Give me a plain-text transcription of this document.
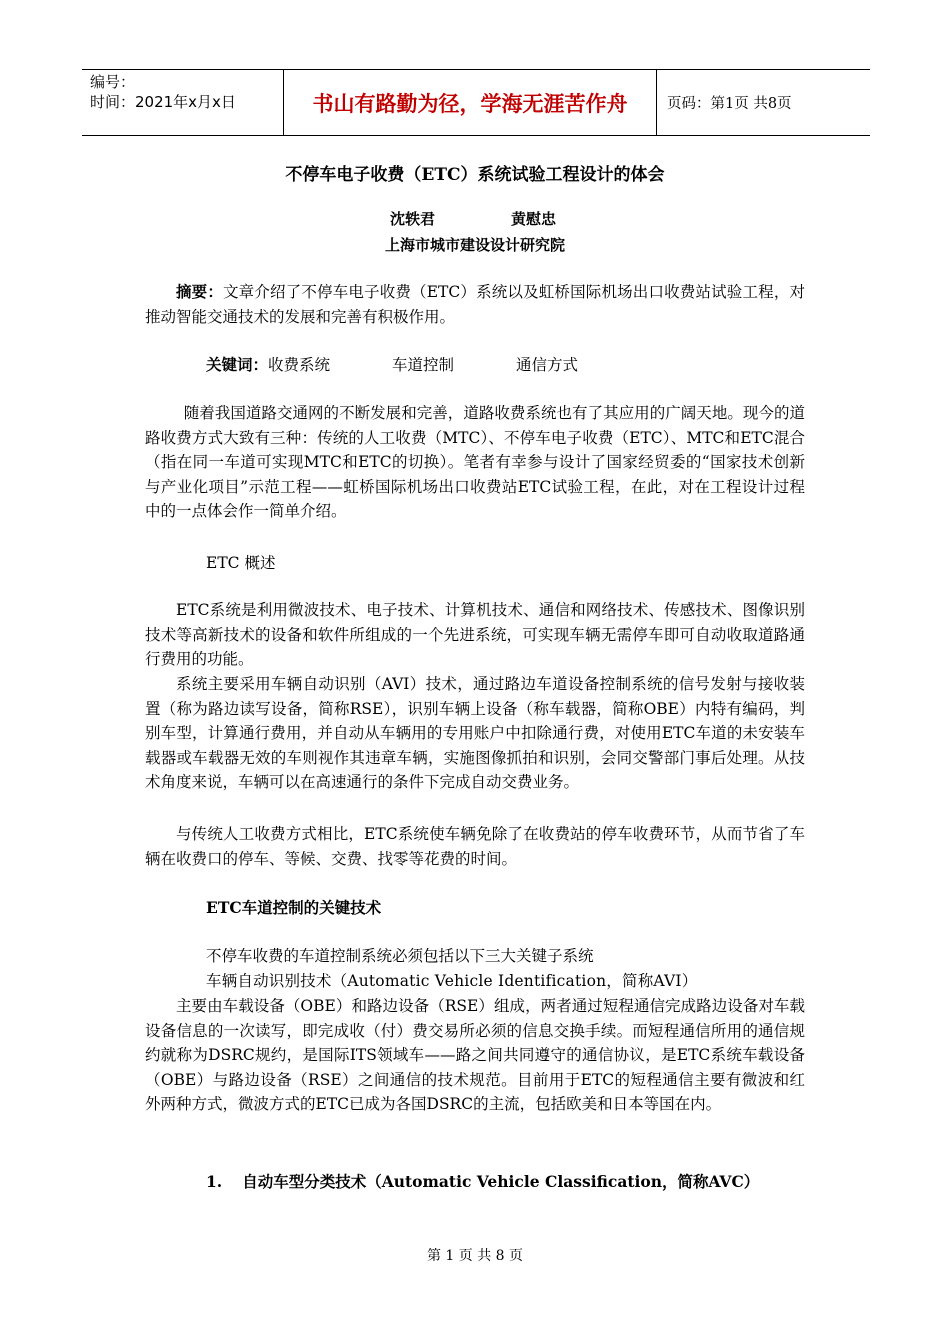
编号：
时间：2021年x月x日	书山有路勤为径，学海无涯苦作舟	页码：第1页 共8页
不停车电子收费（ETC）系统试验工程设计的体会
沈轶君	黄慰忠
上海市城市建设设计研究院

摘要：文章介绍了不停车电子收费（ETC）系统以及虹桥国际机场出口收费站试验工程，对推动智能交通技术的发展和完善有积极作用。

关键词：收费系统	车道控制	通信方式

随着我国道路交通网的不断发展和完善，道路收费系统也有了其应用的广阔天地。现今的道路收费方式大致有三种：传统的人工收费（MTC）、不停车电子收费（ETC）、MTC和ETC混合（指在同一车道可实现MTC和ETC的切换）。笔者有幸参与设计了国家经贸委的“国家技术创新与产业化项目”示范工程——虹桥国际机场出口收费站ETC试验工程，在此，对在工程设计过程中的一点体会作一简单介绍。

ETC 概述

ETC系统是利用微波技术、电子技术、计算机技术、通信和网络技术、传感技术、图像识别技术等高新技术的设备和软件所组成的一个先进系统，可实现车辆无需停车即可自动收取道路通行费用的功能。

系统主要采用车辆自动识别（AVI）技术，通过路边车道设备控制系统的信号发射与接收装置（称为路边读写设备，简称RSE），识别车辆上设备（称车载器，简称OBE）内特有编码，判别车型，计算通行费用，并自动从车辆用的专用账户中扣除通行费，对使用ETC车道的未安装车载器或车载器无效的车则视作其违章车辆，实施图像抓拍和识别，会同交警部门事后处理。从技术角度来说，车辆可以在高速通行的条件下完成自动交费业务。

与传统人工收费方式相比，ETC系统使车辆免除了在收费站的停车收费环节，从而节省了车辆在收费口的停车、等候、交费、找零等花费的时间。

ETC车道控制的关键技术
不停车收费的车道控制系统必须包括以下三大关键子系统
车辆自动识别技术（Automatic Vehicle Identification，简称AVI）

主要由车载设备（OBE）和路边设备（RSE）组成，两者通过短程通信完成路边设备对车载设备信息的一次读写，即完成收（付）费交易所必须的信息交换手续。而短程通信所用的通信规约就称为DSRC规约，是国际ITS领域车——路之间共同遵守的通信协议，是ETC系统车载设备（OBE）与路边设备（RSE）之间通信的技术规范。目前用于ETC的短程通信主要有微波和红外两种方式，微波方式的ETC已成为各国DSRC的主流，包括欧美和日本等国在内。

1. 自动车型分类技术（Automatic Vehicle Classification，简称AVC）
第 1 页 共 8 页
